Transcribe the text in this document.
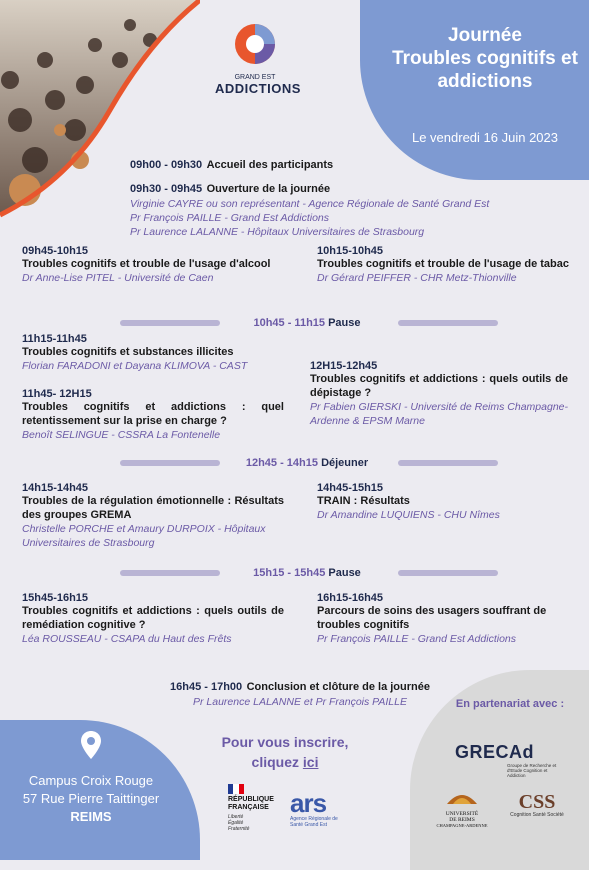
GRAND EST
ADDICTIONS
Journée
Troubles cognitifs et
addictions
Le vendredi 16 Juin 2023
09h00 - 09h30 Accueil des participants
09h30 - 09h45 Ouverture de la journée
Virginie CAYRE ou son représentant - Agence Régionale de Santé Grand Est
Pr François PAILLE - Grand Est Addictions
Pr Laurence LALANNE - Hôpitaux Universitaires de Strasbourg
09h45-10h15
Troubles cognitifs et trouble de l'usage d'alcool
Dr Anne-Lise PITEL - Université de Caen
10h15-10h45
Troubles cognitifs et trouble de l'usage de tabac
Dr Gérard PEIFFER - CHR Metz-Thionville
10h45 - 11h15 Pause
11h15-11h45
Troubles cognitifs et substances illicites
Florian FARADONI et Dayana KLIMOVA - CAST
11h45- 12H15
Troubles cognitifs et addictions : quel retentissement sur la prise en charge ?
Benoît SELINGUE - CSSRA La Fontenelle
12H15-12h45
Troubles cognitifs et addictions : quels outils de dépistage ?
Pr Fabien GIERSKI - Université de Reims Champagne-Ardenne & EPSM Marne
12h45 - 14h15 Déjeuner
14h15-14h45
Troubles de la régulation émotionnelle : Résultats des groupes GREMA
Christelle PORCHE et Amaury DURPOIX - Hôpitaux Universitaires de Strasbourg
14h45-15h15
TRAIN : Résultats
Dr Amandine LUQUIENS - CHU Nîmes
15h15 - 15h45 Pause
15h45-16h15
Troubles cognitifs et addictions : quels outils de remédiation cognitive ?
Léa ROUSSEAU - CSAPA du Haut des Frêts
16h15-16h45
Parcours de soins des usagers souffrant de troubles cognitifs
Pr François PAILLE - Grand Est Addictions
16h45 - 17h00 Conclusion et clôture de la journée
Pr Laurence LALANNE et Pr François PAILLE
Campus Croix Rouge
57 Rue Pierre Taittinger
REIMS
Pour vous inscrire,
cliquez ici
RÉPUBLIQUE
FRANÇAISE
Liberté Égalité Fraternité
ars
Agence Régionale de Santé Grand Est
En partenariat avec :
GRECAd
Groupe de Recherche et d'Etude Cognition et Addiction
UNIVERSITÉ
DE REIMS
CHAMPAGNE-ARDENNE
CSS
Cognition Santé Société
